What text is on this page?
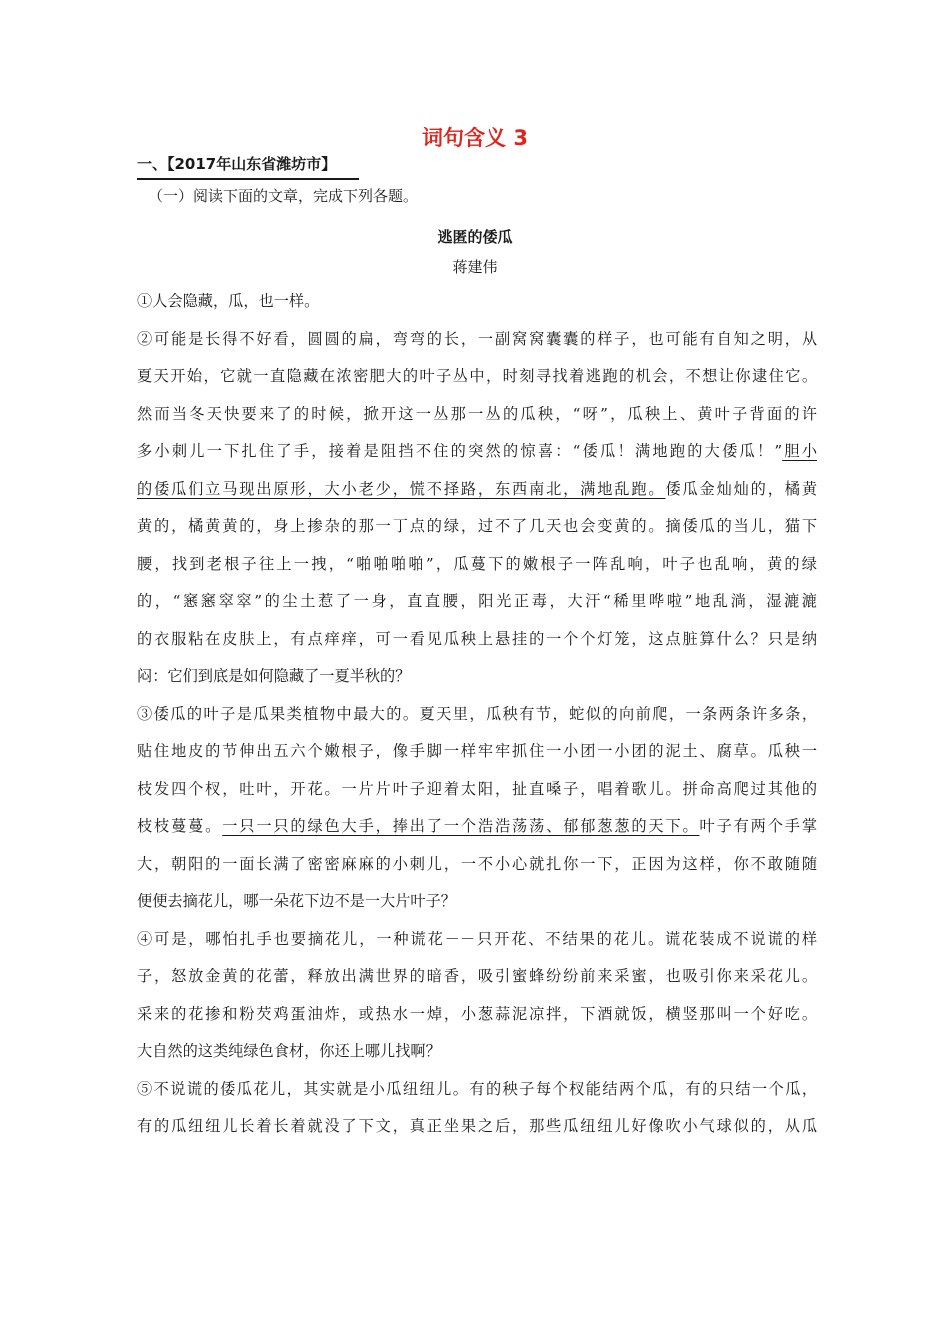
词句含义 3
一、【2017年山东省潍坊市】
（一）阅读下面的文章，完成下列各题。
逃匿的倭瓜
蒋建伟
①人会隐藏，瓜，也一样。
②可能是长得不好看，圆圆的扁，弯弯的长，一副窝窝囊囊的样子，也可能有自知之明，从
夏天开始，它就一直隐藏在浓密肥大的叶子丛中，时刻寻找着逃跑的机会，不想让你逮住它。
然而当冬天快要来了的时候，掀开这一丛那一丛的瓜秧，“呀”，瓜秧上、黄叶子背面的许
多小刺儿一下扎住了手，接着是阻挡不住的突然的惊喜：“倭瓜！满地跑的大倭瓜！”胆小
的倭瓜们立马现出原形，大小老少，慌不择路，东西南北，满地乱跑。倭瓜金灿灿的，橘黄
黄的，橘黄黄的，身上掺杂的那一丁点的绿，过不了几天也会变黄的。摘倭瓜的当儿，猫下
腰，找到老根子往上一拽，“啪啪啪啪”，瓜蔓下的嫩根子一阵乱响，叶子也乱响，黄的绿
的，“窸窸窣窣”的尘土惹了一身，直直腰，阳光正毒，大汗“稀里哗啦”地乱淌，湿漉漉
的衣服粘在皮肤上，有点痒痒，可一看见瓜秧上悬挂的一个个灯笼，这点脏算什么？只是纳
闷：它们到底是如何隐藏了一夏半秋的？
③倭瓜的叶子是瓜果类植物中最大的。夏天里，瓜秧有节，蛇似的向前爬，一条两条许多条，
贴住地皮的节伸出五六个嫩根子，像手脚一样牢牢抓住一小团一小团的泥土、腐草。瓜秧一
枝发四个杈，吐叶，开花。一片片叶子迎着太阳，扯直嗓子，唱着歌儿。拼命高爬过其他的
枝枝蔓蔓。一只一只的绿色大手，捧出了一个浩浩荡荡、郁郁葱葱的天下。叶子有两个手掌
大，朝阳的一面长满了密密麻麻的小刺儿，一不小心就扎你一下，正因为这样，你不敢随随
便便去摘花儿，哪一朵花下边不是一大片叶子？
④可是，哪怕扎手也要摘花儿，一种谎花－－只开花、不结果的花儿。谎花装成不说谎的样
子，怒放金黄的花蕾，释放出满世界的暗香，吸引蜜蜂纷纷前来采蜜，也吸引你来采花儿。
采来的花掺和粉芡鸡蛋油炸，或热水一焯，小葱蒜泥凉拌，下酒就饭，横竖那叫一个好吃。
大自然的这类纯绿色食材，你还上哪儿找啊？
⑤不说谎的倭瓜花儿，其实就是小瓜纽纽儿。有的秧子每个杈能结两个瓜，有的只结一个瓜，
有的瓜纽纽儿长着长着就没了下文，真正坐果之后，那些瓜纽纽儿好像吹小气球似的，从瓜
